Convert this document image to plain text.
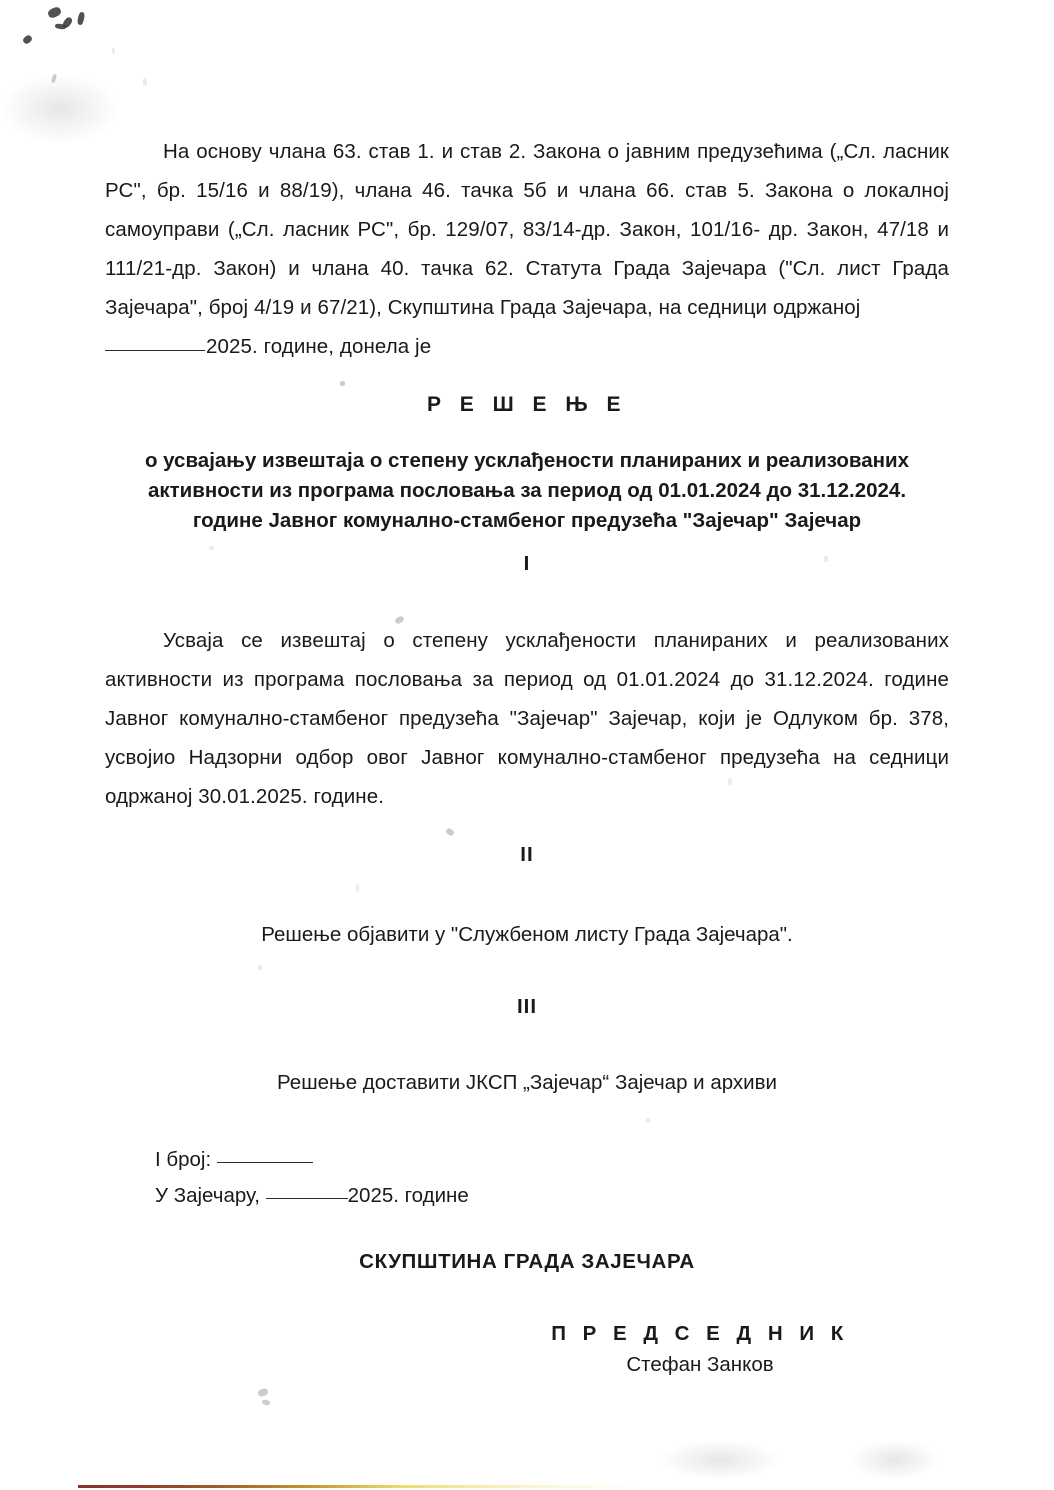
На основу члана 63. став 1. и став 2. Закона о јавним предузећима („Сл. ласник РС", бр. 15/16 и 88/19), члана 46. тачка 5б и члана 66. став 5. Закона о локалној самоуправи („Сл. ласник РС", бр. 129/07, 83/14-др. Закон, 101/16- др. Закон, 47/18 и 111/21-др. Закон) и члана 40. тачка 62. Статута Града Зајечара ("Сл. лист Града Зајечара", број 4/19 и 67/21), Скупштина Града Зајечара, на седници одржаној

2025. године, донела је

Р Е Ш Е Њ Е

о усвајању извештаја о степену усклађености планираних и реализованих

активности из програма пословања за период од 01.01.2024 до 31.12.2024.

године Јавног комунално-стамбеног предузећа "Зајечар" Зајечар

I

Усваја се извештај о степену усклађености планираних и реализованих активности из програма пословања за период од 01.01.2024 до 31.12.2024. године Јавног комунално-стамбеног предузећа "Зајечар" Зајечар, који је Одлуком бр. 378, усвојио Надзорни одбор овог Јавног комунално-стамбеног предузећа на седници одржаној 30.01.2025. године.

II

Решење објавити у "Службеном листу Града Зајечара".

III

Решење доставити ЈКСП „Зајечар“ Зајечар и архиви

I број:

У Зајечару,	2025. године

СКУПШТИНА ГРАДА ЗАЈЕЧАРА

П Р Е Д С Е Д Н И К

Стефан Занков
